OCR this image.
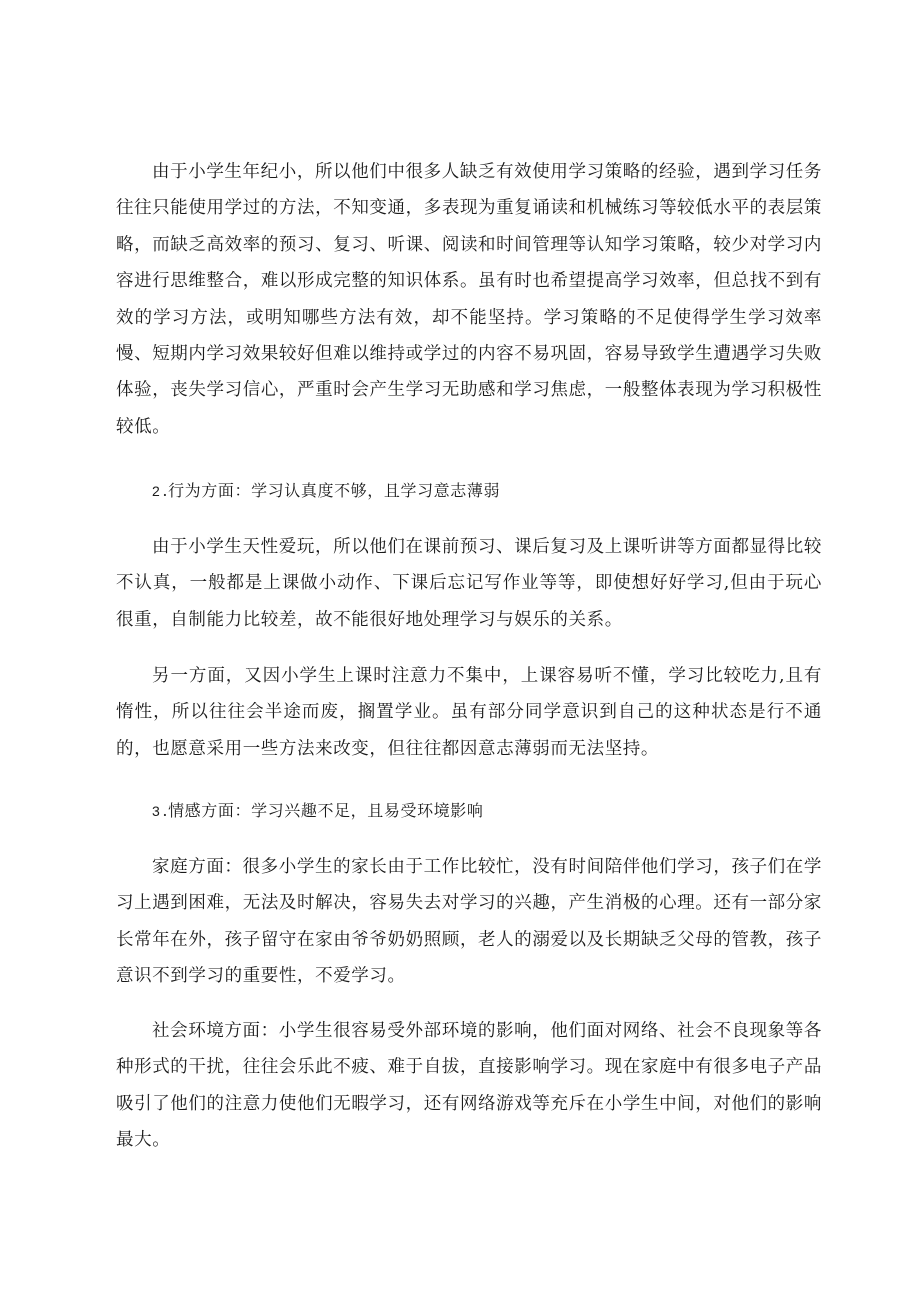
由于小学生年纪小，所以他们中很多人缺乏有效使用学习策略的经验，遇到学习任务往往只能使用学过的方法，不知变通，多表现为重复诵读和机械练习等较低水平的表层策略，而缺乏高效率的预习、复习、听课、阅读和时间管理等认知学习策略，较少对学习内容进行思维整合，难以形成完整的知识体系。虽有时也希望提高学习效率，但总找不到有效的学习方法，或明知哪些方法有效，却不能坚持。学习策略的不足使得学生学习效率慢、短期内学习效果较好但难以维持或学过的内容不易巩固，容易导致学生遭遇学习失败体验，丧失学习信心，严重时会产生学习无助感和学习焦虑，一般整体表现为学习积极性较低。

2 .行为方面：学习认真度不够，且学习意志薄弱

由于小学生天性爱玩，所以他们在课前预习、课后复习及上课听讲等方面都显得比较不认真，一般都是上课做小动作、下课后忘记写作业等等，即使想好好学习,但由于玩心很重，自制能力比较差，故不能很好地处理学习与娱乐的关系。

另一方面，又因小学生上课时注意力不集中，上课容易听不懂，学习比较吃力,且有惰性，所以往往会半途而废，搁置学业。虽有部分同学意识到自己的这种状态是行不通的，也愿意采用一些方法来改变，但往往都因意志薄弱而无法坚持。

3 .情感方面：学习兴趣不足，且易受环境影响

家庭方面：很多小学生的家长由于工作比较忙，没有时间陪伴他们学习，孩子们在学习上遇到困难，无法及时解决，容易失去对学习的兴趣，产生消极的心理。还有一部分家长常年在外，孩子留守在家由爷爷奶奶照顾，老人的溺爱以及长期缺乏父母的管教，孩子意识不到学习的重要性，不爱学习。

社会环境方面：小学生很容易受外部环境的影响，他们面对网络、社会不良现象等各种形式的干扰，往往会乐此不疲、难于自拔，直接影响学习。现在家庭中有很多电子产品吸引了他们的注意力使他们无暇学习，还有网络游戏等充斥在小学生中间，对他们的影响最大。
